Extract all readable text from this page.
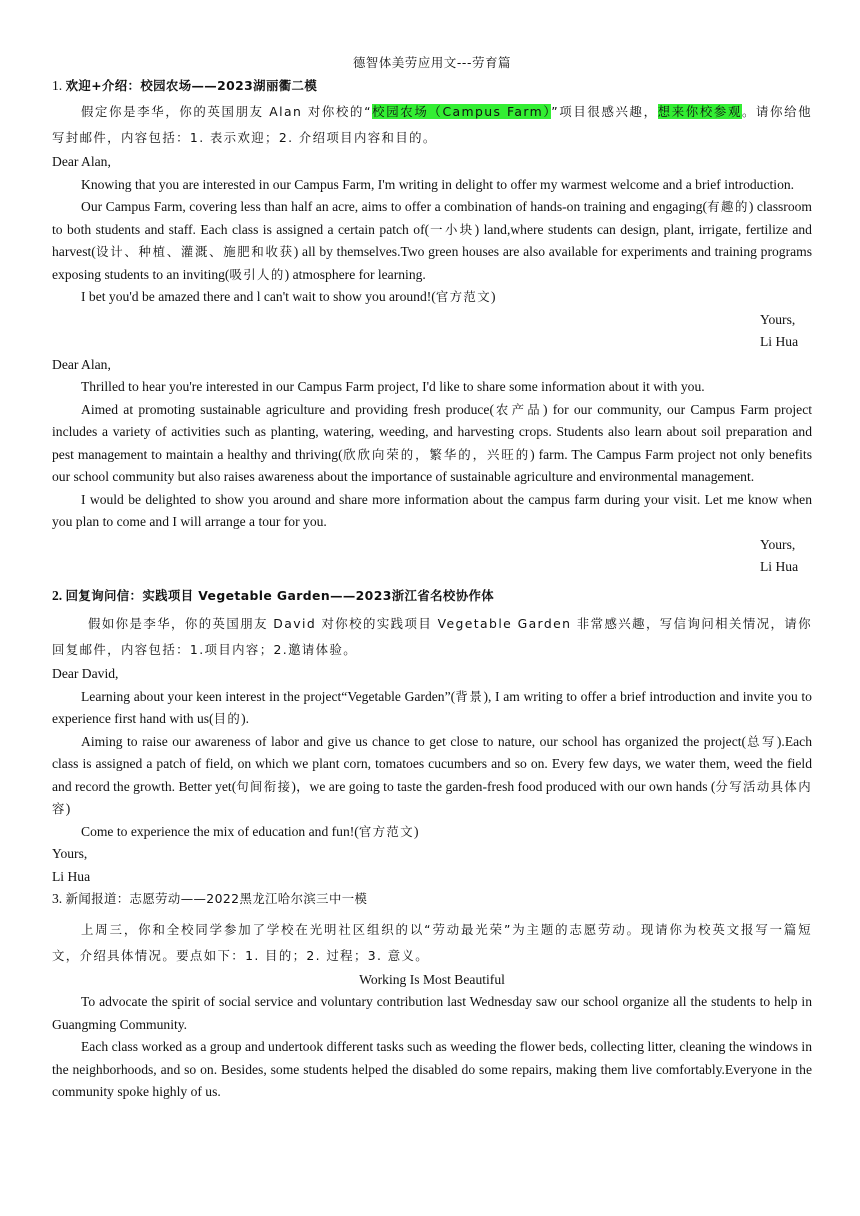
德智体美劳应用文---劳育篇

1. 欢迎+介绍：校园农场——2023湖丽衢二模

假定你是李华，你的英国朋友 Alan 对你校的“校园农场（Campus Farm）”项目很感兴趣，想来你校参观。请你给他写封邮件，内容包括：1. 表示欢迎；2. 介绍项目内容和目的。

Dear Alan,

Knowing that you are interested in our Campus Farm, I'm writing in delight to offer my warmest welcome and a brief introduction.

Our Campus Farm, covering less than half an acre, aims to offer a combination of hands-on training and engaging(有趣的) classroom to both students and staff. Each class is assigned a certain patch of(一小块) land,where students can design, plant, irrigate, fertilize and harvest(设计、种植、灌溉、施肥和收获) all by themselves.Two green houses are also available for experiments and training programs exposing students to an inviting(吸引人的) atmosphere for learning.

I bet you'd be amazed there and l can't wait to show you around!(官方范文)

Yours,

Li Hua

Dear Alan,

Thrilled to hear you're interested in our Campus Farm project, I'd like to share some information about it with you.

Aimed at promoting sustainable agriculture and providing fresh produce(农产品) for our community, our Campus Farm project includes a variety of activities such as planting, watering, weeding, and harvesting crops. Students also learn about soil preparation and pest management to maintain a healthy and thriving(欣欣向荣的，繁华的，兴旺的) farm. The Campus Farm project not only benefits our school community but also raises awareness about the importance of sustainable agriculture and environmental management.

I would be delighted to show you around and share more information about the campus farm during your visit. Let me know when you plan to come and I will arrange a tour for you.

Yours,

Li Hua

2. 回复询问信：实践项目 Vegetable Garden——2023浙江省名校协作体

假如你是李华，你的英国朋友 David 对你校的实践项目 Vegetable Garden 非常感兴趣，写信询问相关情况，请你回复邮件，内容包括：1.项目内容；2.邀请体验。

Dear David,

Learning about your keen interest in the project“Vegetable Garden”(背景), I am writing to offer a brief introduction and invite you to experience first hand with us(目的).

Aiming to raise our awareness of labor and give us chance to get close to nature, our school has organized the project(总写).Each class is assigned a patch of field, on which we plant corn, tomatoes cucumbers and so on. Every few days, we water them, weed the field and record the growth. Better yet(句间衔接)，we are going to taste the garden-fresh food produced with our own hands (分写活动具体内容)

Come to experience the mix of education and fun!(官方范文)

Yours,

Li Hua

3. 新闻报道：志愿劳动——2022黑龙江哈尔滨三中一模

上周三，你和全校同学参加了学校在光明社区组织的以“劳动最光荣”为主题的志愿劳动。现请你为校英文报写一篇短文，介绍具体情况。要点如下：1. 目的；2. 过程；3. 意义。

Working Is Most Beautiful

To advocate the spirit of social service and voluntary contribution last Wednesday saw our school organize all the students to help in Guangming Community.

Each class worked as a group and undertook different tasks such as weeding the flower beds, collecting litter, cleaning the windows in the neighborhoods, and so on. Besides, some students helped the disabled do some repairs, making them live comfortably.Everyone in the community spoke highly of us.
